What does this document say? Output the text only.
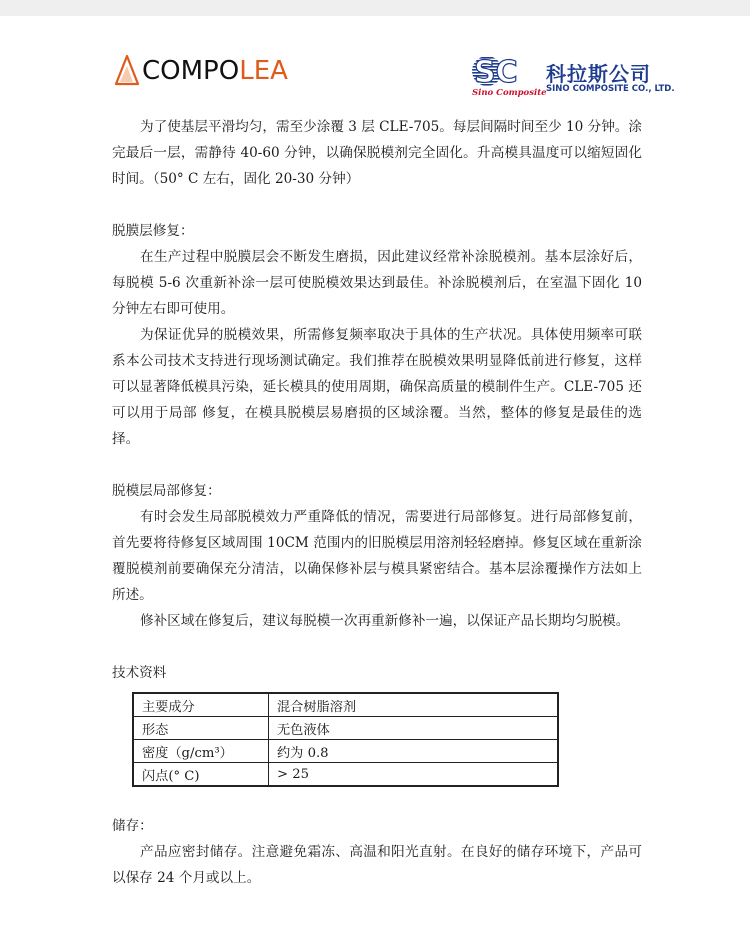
COMPOLEA	SC
Sino Composite
科拉斯公司
SINO COMPOSITE CO., LTD.

为了使基层平滑均匀，需至少涂覆 3 层 CLE-705。每层间隔时间至少 10 分钟。涂完最后一层，需静待 40-60 分钟，以确保脱模剂完全固化。升高模具温度可以缩短固化时间。（50° C 左右，固化 20-30 分钟）

脱膜层修复：

在生产过程中脱膜层会不断发生磨损，因此建议经常补涂脱模剂。基本层涂好后，每脱模 5-6 次重新补涂一层可使脱模效果达到最佳。补涂脱模剂后，在室温下固化 10 分钟左右即可使用。

为保证优异的脱模效果，所需修复频率取决于具体的生产状况。具体使用频率可联系本公司技术支持进行现场测试确定。我们推荐在脱模效果明显降低前进行修复，这样可以显著降低模具污染，延长模具的使用周期，确保高质量的模制件生产。CLE-705 还可以用于局部 修复，在模具脱模层易磨损的区域涂覆。当然，整体的修复是最佳的选择。

脱模层局部修复：

有时会发生局部脱模效力严重降低的情况，需要进行局部修复。进行局部修复前，首先要将待修复区域周围 10CM 范围内的旧脱模层用溶剂轻轻磨掉。修复区域在重新涂覆脱模剂前要确保充分清洁，以确保修补层与模具紧密结合。基本层涂覆操作方法如上所述。

修补区域在修复后，建议每脱模一次再重新修补一遍，以保证产品长期均匀脱模。

技术资料

主要成分	混合树脂溶剂
形态	无色液体
密度（g/cm³）	约为 0.8
闪点(° C)	> 25

储存：

产品应密封储存。注意避免霜冻、高温和阳光直射。在良好的储存环境下，产品可以保存 24 个月或以上。
